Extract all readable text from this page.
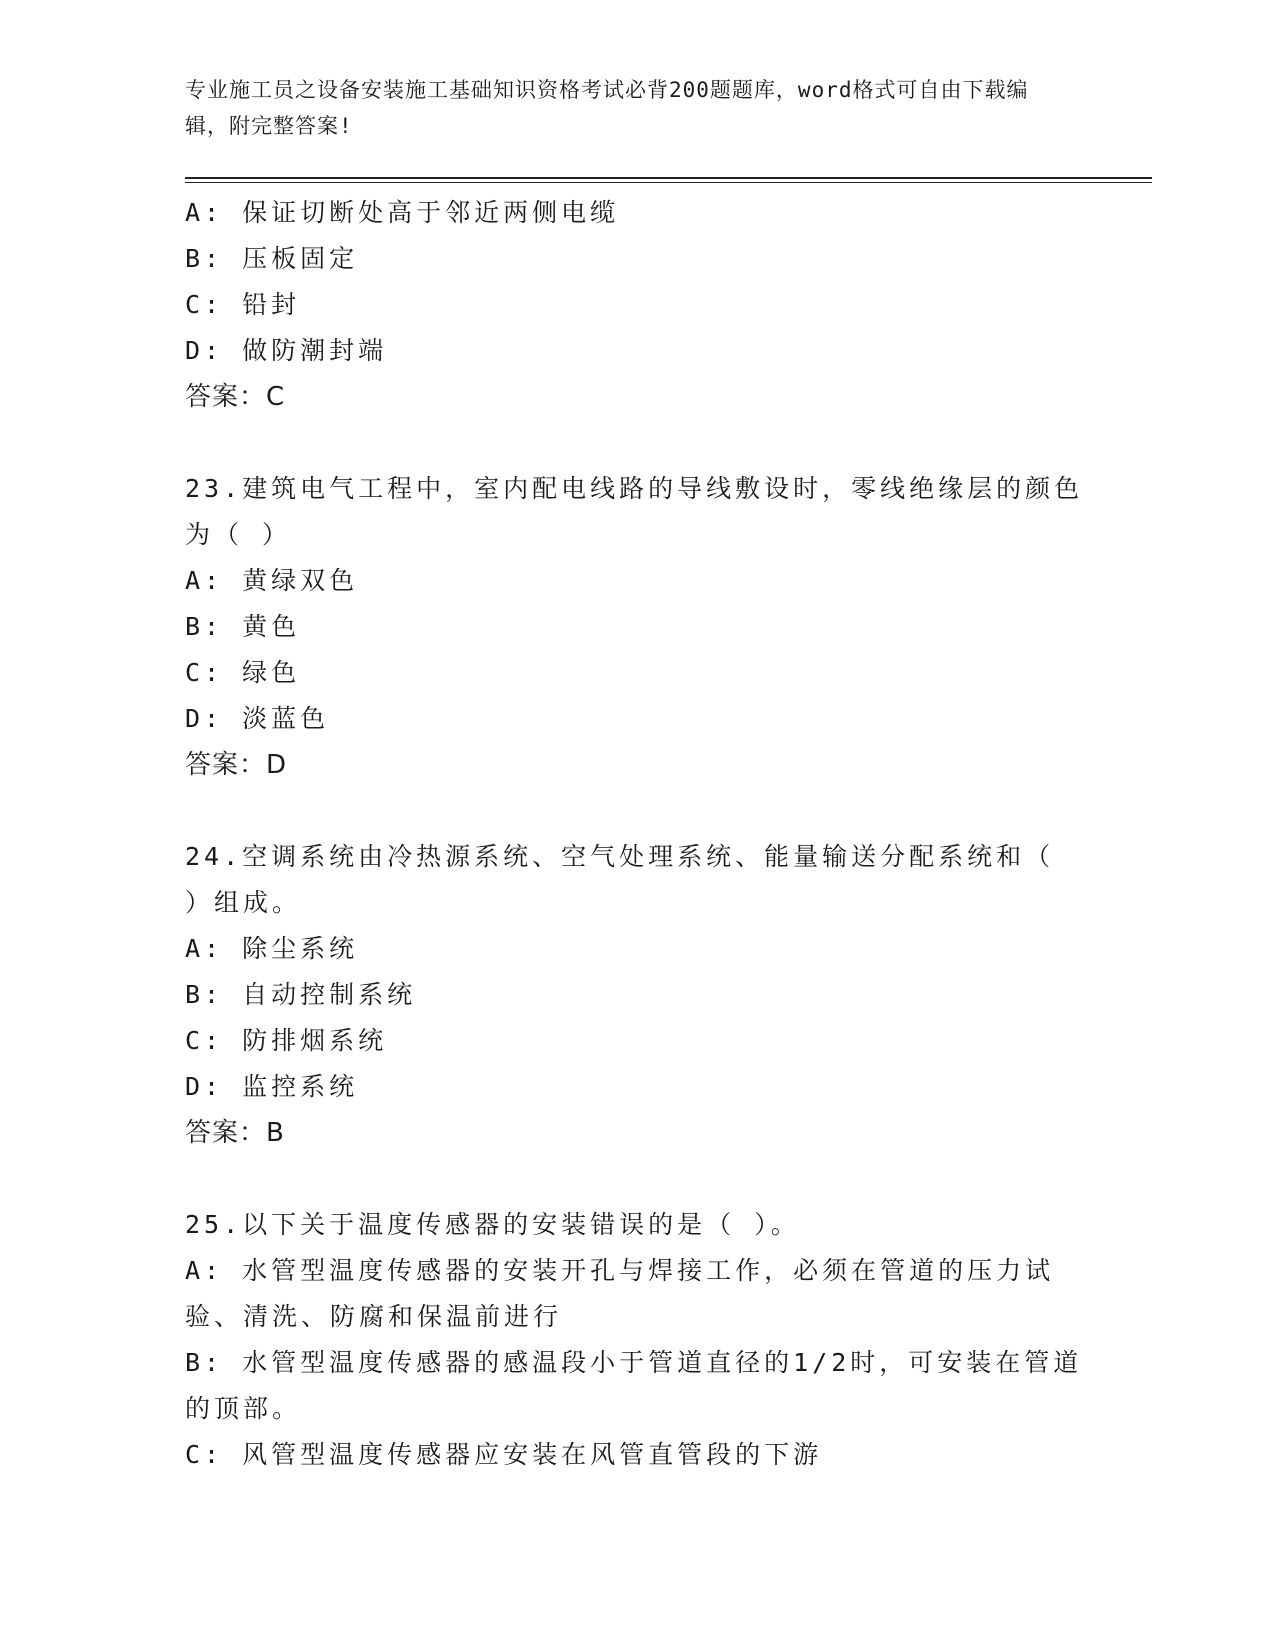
专业施工员之设备安装施工基础知识资格考试必背200题题库，word格式可自由下载编辑，附完整答案!
A: 保证切断处高于邻近两侧电缆
B: 压板固定
C: 铅封
D: 做防潮封端
答案：C
23.建筑电气工程中，室内配电线路的导线敷设时，零线绝缘层的颜色为（ ）
A: 黄绿双色
B: 黄色
C: 绿色
D: 淡蓝色
答案：D
24.空调系统由冷热源系统、空气处理系统、能量输送分配系统和（ ）组成。
A: 除尘系统
B: 自动控制系统
C: 防排烟系统
D: 监控系统
答案：B
25.以下关于温度传感器的安装错误的是（ ）。
A: 水管型温度传感器的安装开孔与焊接工作，必须在管道的压力试验、清洗、防腐和保温前进行
B: 水管型温度传感器的感温段小于管道直径的1/2时，可安装在管道的顶部。
C: 风管型温度传感器应安装在风管直管段的下游
